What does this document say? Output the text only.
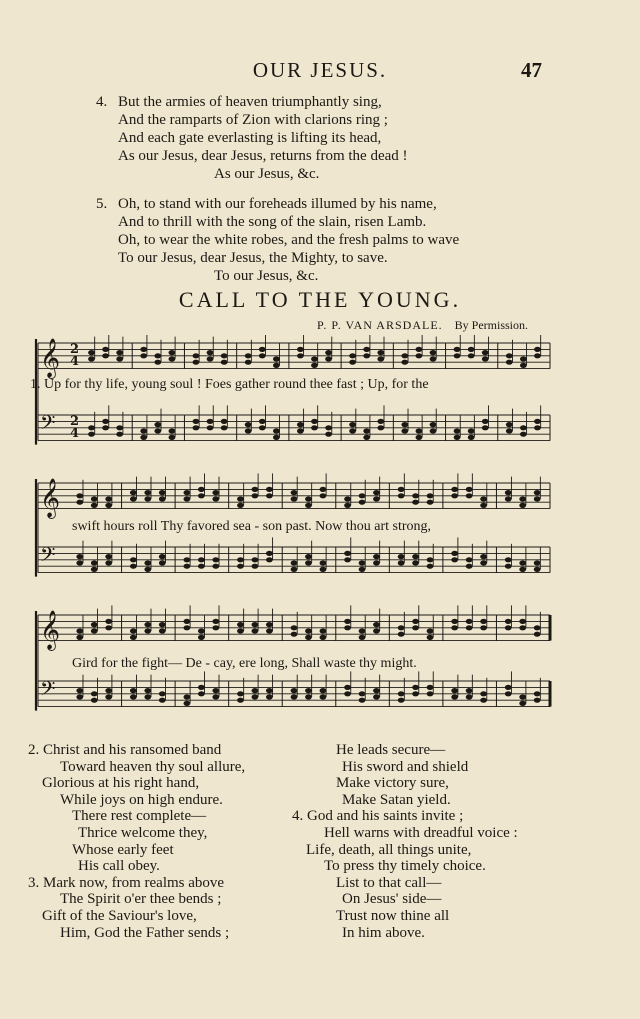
OUR JESUS.	47
4. But the armies of heaven triumphantly sing,
And the ramparts of Zion with clarions ring ;
And each gate everlasting is lifting its head,
As our Jesus, dear Jesus, returns from the dead !
As our Jesus, &c.
5. Oh, to stand with our foreheads illumed by his name,
And to thrill with the song of the slain, risen Lamb.
Oh, to wear the white robes, and the fresh palms to wave
To our Jesus, dear Jesus, the Mighty, to save.
To our Jesus, &c.
CALL TO THE YOUNG.
P. P. VAN ARSDALE. By Permission.
𝄞
𝄢
𝄞
𝄢
𝄞
𝄢
2
4
2
4
1. Up for thy life, young soul ! Foes gather round thee fast ; Up, for the
swift hours roll Thy favored sea - son past. Now thou art strong,
Gird for the fight— De - cay, ere long, Shall waste thy might.
2. Christ and his ransomed band
Toward heaven thy soul allure,
Glorious at his right hand,
While joys on high endure.
There rest complete—
Thrice welcome they,
Whose early feet
His call obey.
3. Mark now, from realms above
The Spirit o'er thee bends ;
Gift of the Saviour's love,
Him, God the Father sends ;
He leads secure—
His sword and shield
Make victory sure,
Make Satan yield.
4. God and his saints invite ;
Hell warns with dreadful voice :
Life, death, all things unite,
To press thy timely choice.
List to that call—
On Jesus' side—
Trust now thine all
In him above.
